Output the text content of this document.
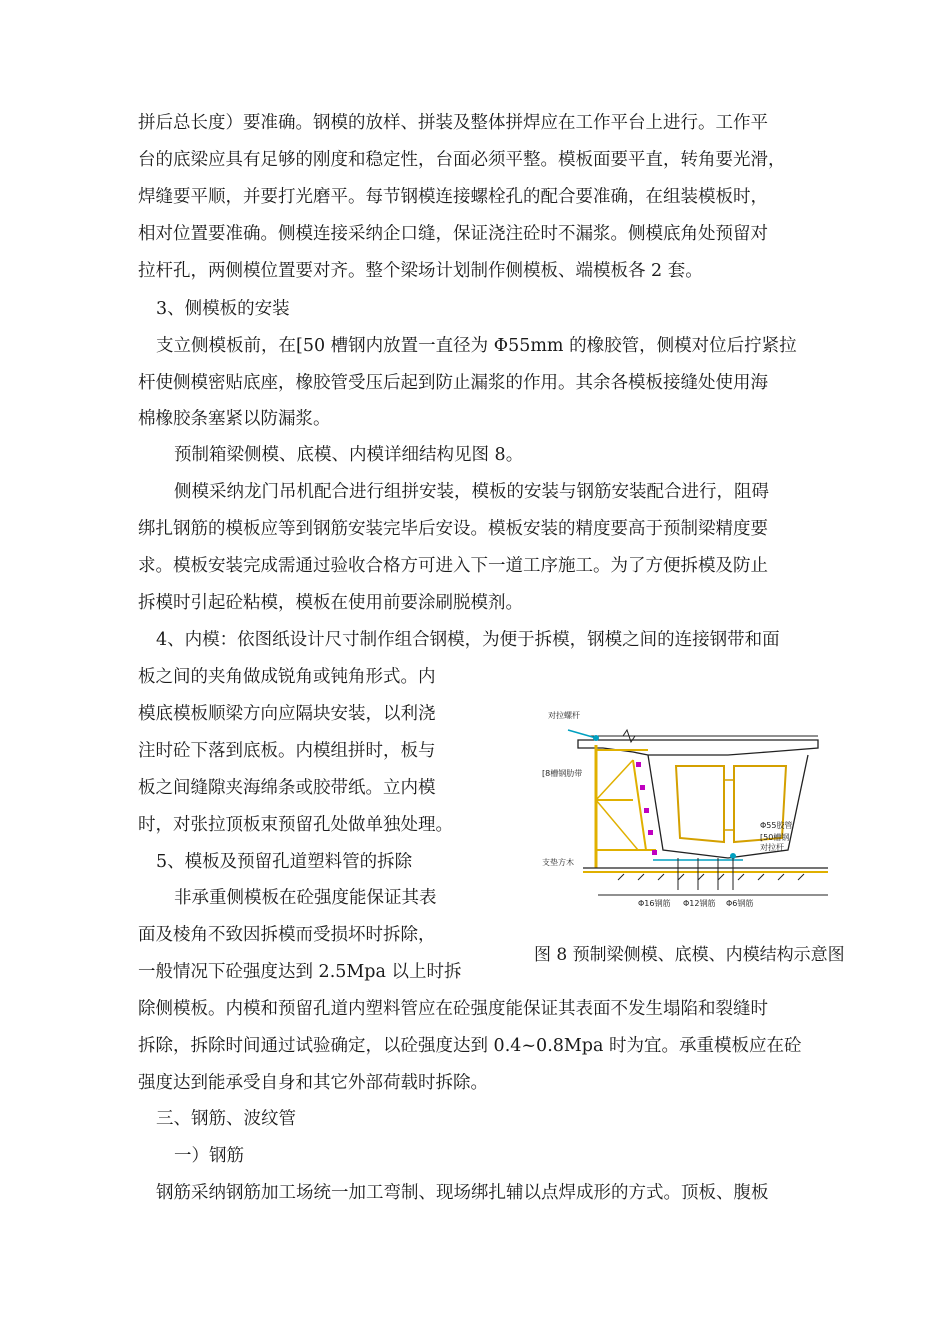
拼后总长度）要准确。钢模的放样、拼装及整体拼焊应在工作平台上进行。工作平
台的底梁应具有足够的刚度和稳定性，台面必须平整。模板面要平直，转角要光滑，
焊缝要平顺，并要打光磨平。每节钢模连接螺栓孔的配合要准确，在组装模板时，
相对位置要准确。侧模连接采纳企口缝，保证浇注砼时不漏浆。侧模底角处预留对
拉杆孔，两侧模位置要对齐。整个梁场计划制作侧模板、端模板各 2 套。
3、侧模板的安装
支立侧模板前，在[50 槽钢内放置一直径为 Φ55mm 的橡胶管，侧模对位后拧紧拉
杆使侧模密贴底座，橡胶管受压后起到防止漏浆的作用。其余各模板接缝处使用海
棉橡胶条塞紧以防漏浆。
预制箱梁侧模、底模、内模详细结构见图 8。
侧模采纳龙门吊机配合进行组拼安装，模板的安装与钢筋安装配合进行，阻碍
绑扎钢筋的模板应等到钢筋安装完毕后安设。模板安装的精度要高于预制梁精度要
求。模板安装完成需通过验收合格方可进入下一道工序施工。为了方便拆模及防止
拆模时引起砼粘模，模板在使用前要涂刷脱模剂。
4、内模：依图纸设计尺寸制作组合钢模，为便于拆模，钢模之间的连接钢带和面
板之间的夹角做成锐角或钝角形式。内
模底模板顺梁方向应隔块安装，以利浇
注时砼下落到底板。内模组拼时，板与
板之间缝隙夹海绵条或胶带纸。立内模
时，对张拉顶板束预留孔处做单独处理。
5、模板及预留孔道塑料管的拆除
非承重侧模板在砼强度能保证其表
面及棱角不致因拆模而受损坏时拆除，
一般情况下砼强度达到 2.5Mpa 以上时拆
除侧模板。内模和预留孔道内塑料管应在砼强度能保证其表面不发生塌陷和裂缝时
拆除，拆除时间通过试验确定，以砼强度达到 0.4~0.8Mpa 时为宜。承重模板应在砼
强度达到能承受自身和其它外部荷载时拆除。
三、钢筋、波纹管
一）钢筋
钢筋采纳钢筋加工场统一加工弯制、现场绑扎辅以点焊成形的方式。顶板、腹板
对拉螺杆
[8槽钢肋带
支垫方木
Φ55胶管
[50槽钢
对拉杆
Φ16钢筋 Φ12钢筋 Φ6钢筋
图 8 预制梁侧模、底模、内模结构示意图
